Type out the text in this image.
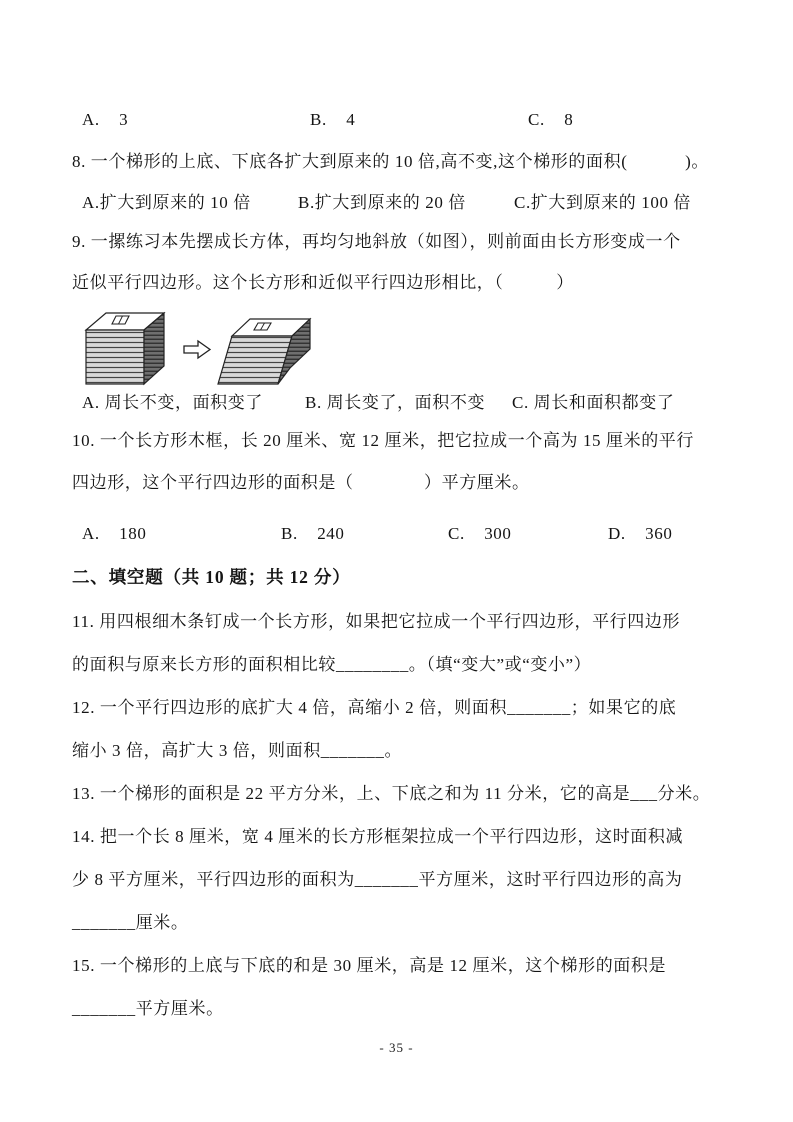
A.    3	B.    4	C.    8
8. 一个梯形的上底、下底各扩大到原来的 10 倍,高不变,这个梯形的面积(　　　 )。
A.扩大到原来的 10 倍	B.扩大到原来的 20 倍	C.扩大到原来的 100 倍
9. 一摞练习本先摆成长方体，再均匀地斜放（如图），则前面由长方形变成一个
近似平行四边形。这个长方形和近似平行四边形相比，（　　　）
A. 周长不变，面积变了 B. 周长变了，面积不变 C. 周长和面积都变了
10. 一个长方形木框，长 20 厘米、宽 12 厘米，把它拉成一个高为 15 厘米的平行
四边形，这个平行四边形的面积是（　　　　）平方厘米。
A.    180	B.    240	C.    300	D.    360
二、填空题（共 10 题；共 12 分）
11. 用四根细木条钉成一个长方形，如果把它拉成一个平行四边形，平行四边形
的面积与原来长方形的面积相比较________。（填“变大”或“变小”）
12. 一个平行四边形的底扩大 4 倍，高缩小 2 倍，则面积_______；如果它的底
缩小 3 倍，高扩大 3 倍，则面积_______。
13. 一个梯形的面积是 22 平方分米，上、下底之和为 11 分米，它的高是___分米。
14. 把一个长 8 厘米，宽 4 厘米的长方形框架拉成一个平行四边形，这时面积减
少 8 平方厘米，平行四边形的面积为_______平方厘米，这时平行四边形的高为
_______厘米。
15. 一个梯形的上底与下底的和是 30 厘米，高是 12 厘米，这个梯形的面积是
_______平方厘米。
- 35 -
